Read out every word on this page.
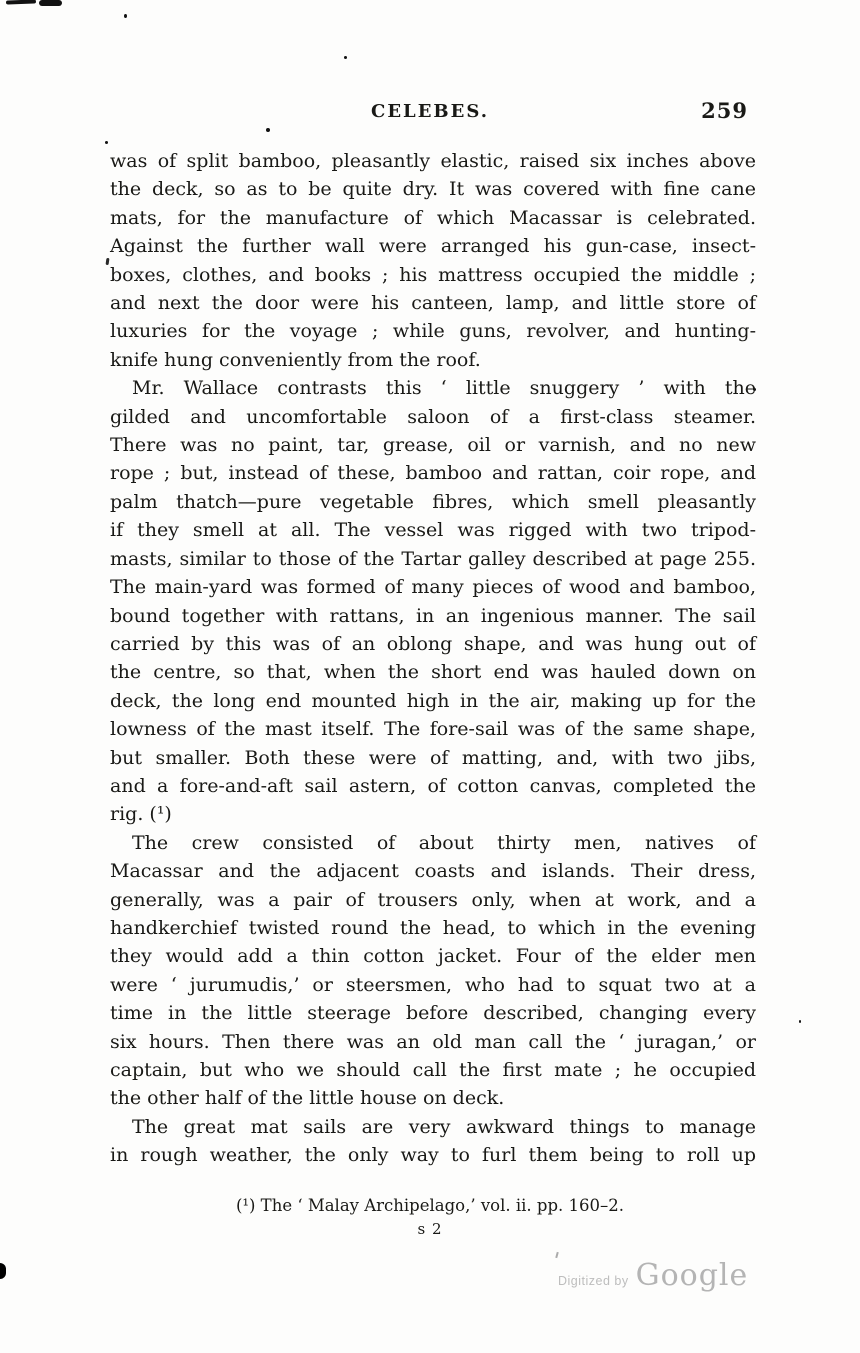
CELEBES.	259

was of split bamboo, pleasantly elastic, raised six inches above
the deck, so as to be quite dry. It was covered with fine cane
mats, for the manufacture of which Macassar is celebrated.
Against the further wall were arranged his gun-case, insect-
boxes, clothes, and books ; his mattress occupied the middle ;
and next the door were his canteen, lamp, and little store of
luxuries for the voyage ; while guns, revolver, and hunting-
knife hung conveniently from the roof.

Mr. Wallace contrasts this ‘ little snuggery ’ with the
gilded and uncomfortable saloon of a first-class steamer.
There was no paint, tar, grease, oil or varnish, and no new
rope ; but, instead of these, bamboo and rattan, coir rope, and
palm thatch—pure vegetable fibres, which smell pleasantly
if they smell at all. The vessel was rigged with two tripod-
masts, similar to those of the Tartar galley described at page 255.
The main-yard was formed of many pieces of wood and bamboo,
bound together with rattans, in an ingenious manner. The sail
carried by this was of an oblong shape, and was hung out of
the centre, so that, when the short end was hauled down on
deck, the long end mounted high in the air, making up for the
lowness of the mast itself. The fore-sail was of the same shape,
but smaller. Both these were of matting, and, with two jibs,
and a fore-and-aft sail astern, of cotton canvas, completed the
rig. (¹)

The crew consisted of about thirty men, natives of
Macassar and the adjacent coasts and islands. Their dress,
generally, was a pair of trousers only, when at work, and a
handkerchief twisted round the head, to which in the evening
they would add a thin cotton jacket. Four of the elder men
were ‘ jurumudis,’ or steersmen, who had to squat two at a
time in the little steerage before described, changing every
six hours. Then there was an old man call the ‘ juragan,’ or
captain, but who we should call the first mate ; he occupied
the other half of the little house on deck.

The great mat sails are very awkward things to manage
in rough weather, the only way to furl them being to roll up

(¹) The ‘ Malay Archipelago,’ vol. ii. pp. 160–2.
s 2
Digitized by Google
